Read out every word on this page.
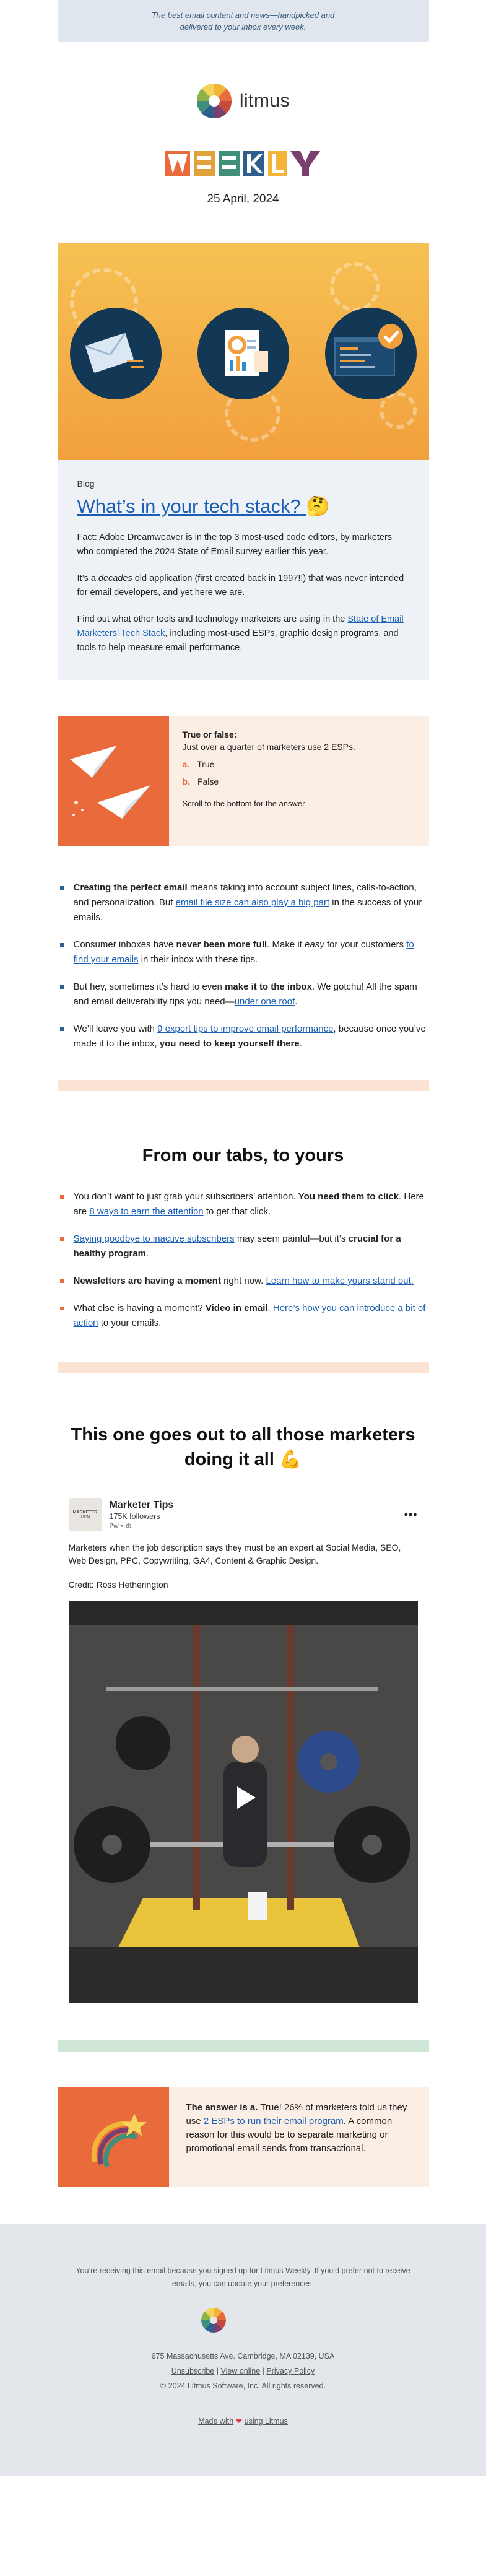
The best email content and news—handpicked and delivered to your inbox every week.

litmus
25 April, 2024
Blog
What’s in your tech stack? 🤔

Fact: Adobe Dreamweaver is in the top 3 most-used code editors, by marketers who completed the 2024 State of Email survey earlier this year.

It’s a decades old application (first created back in 1997!!) that was never intended for email developers, and yet here we are.

Find out what other tools and technology marketers are using in the State of Email Marketers’ Tech Stack, including most-used ESPs, graphic design programs, and tools to help measure email performance.

True or false:
Just over a quarter of marketers use 2 ESPs.
a. True
b. False
Scroll to the bottom for the answer
Creating the perfect email means taking into account subject lines, calls-to-action, and personalization. But email file size can also play a big part in the success of your emails.
Consumer inboxes have never been more full. Make it easy for your customers to find your emails in their inbox with these tips.
But hey, sometimes it’s hard to even make it to the inbox. We gotchu! All the spam and email deliverability tips you need—under one roof.
We’ll leave you with 9 expert tips to improve email performance, because once you’ve made it to the inbox, you need to keep yourself there.
From our tabs, to yours
You don’t want to just grab your subscribers’ attention. You need them to click. Here are 8 ways to earn the attention to get that click.
Saying goodbye to inactive subscribers may seem painful—but it’s crucial for a healthy program.
Newsletters are having a moment right now. Learn how to make yours stand out.
What else is having a moment? Video in email. Here’s how you can introduce a bit of action to your emails.
This one goes out to all those marketers doing it all 💪
MARKETER TIPS
Marketer Tips
175K followers
2w • ⊕
•••

Marketers when the job description says they must be an expert at Social Media, SEO, Web Design, PPC, Copywriting, GA4, Content & Graphic Design.

Credit: Ross Hetherington

The answer is a. True! 26% of marketers told us they use 2 ESPs to run their email program. A common reason for this would be to separate marketing or promotional email sends from transactional.

You’re receiving this email because you signed up for Litmus Weekly. If you’d prefer not to receive emails, you can update your preferences.

675 Massachusetts Ave. Cambridge, MA 02139, USA
Unsubscribe | View online | Privacy Policy
© 2024 Litmus Software, Inc. All rights reserved.
Made with ❤ using Litmus
